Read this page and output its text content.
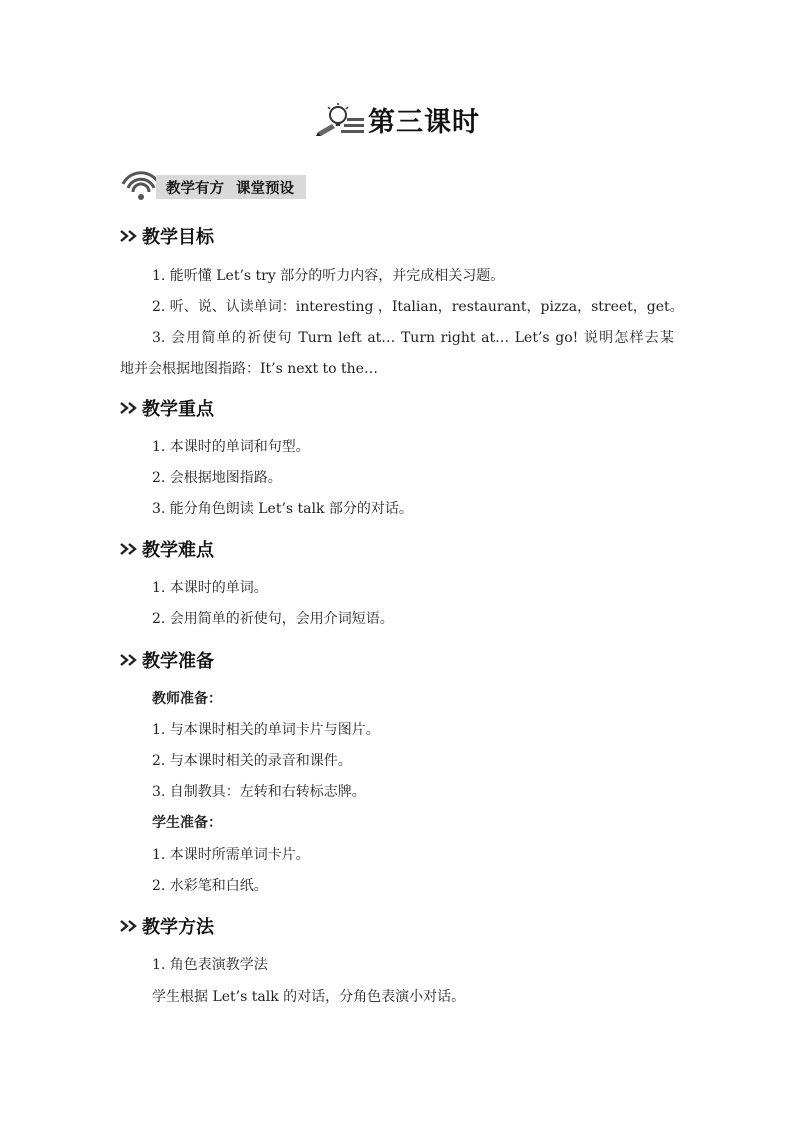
第三课时
教学有方 课堂预设
教学目标
1. 能听懂 Let’s try 部分的听力内容，并完成相关习题。
2. 听、说、认读单词：interesting ，Italian，restaurant，pizza，street，get。
3. 会用简单的祈使句 Turn left at… Turn right at… Let’s go! 说明怎样去某
地并会根据地图指路：It’s next to the…
教学重点
1. 本课时的单词和句型。
2. 会根据地图指路。
3. 能分角色朗读 Let’s talk 部分的对话。
教学难点
1. 本课时的单词。
2. 会用简单的祈使句，会用介词短语。
教学准备
教师准备：
1. 与本课时相关的单词卡片与图片。
2. 与本课时相关的录音和课件。
3. 自制教具：左转和右转标志牌。
学生准备：
1. 本课时所需单词卡片。
2. 水彩笔和白纸。
教学方法
1. 角色表演教学法
学生根据 Let’s talk 的对话，分角色表演小对话。
